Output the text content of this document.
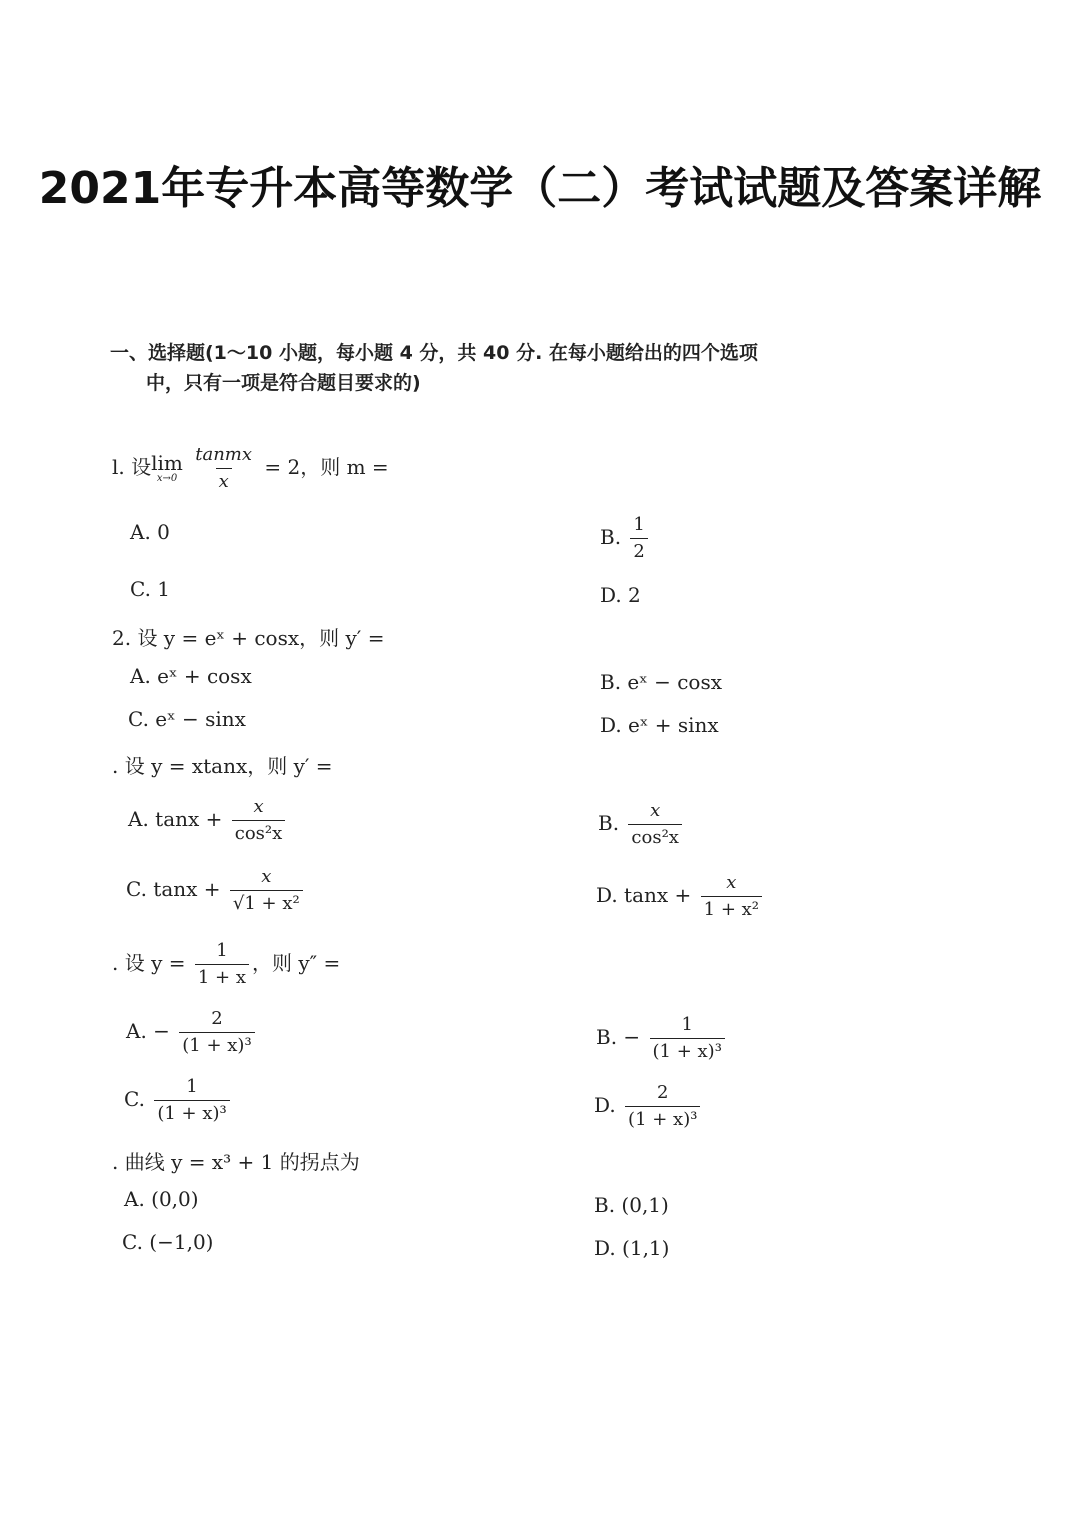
2021年专升本高等数学（二）考试试题及答案详解
一、选择题(1～10 小题，每小题 4 分，共 40 分. 在每小题给出的四个选项
中，只有一项是符合题目要求的)
l. 设 lim
x→0
$\frac{\text{tanmx}}{x} = 2$，则 m =
A. 0	B. $\frac{1}{2}$
C. 1	D. 2
2. 设 y = eˣ + cosx，则 y′ =
A. eˣ + cosx	B. eˣ − cosx
C. eˣ − sinx	D. eˣ + sinx
. 设 y = xtanx，则 y′ =
A. $\tan x + \frac{x}{\text{cos²x}}$	B. $\frac{x}{\text{cos²x}}$
C. $\tan x + \frac{x}{\text{√1 + x²}}$	D. $\tan x + \frac{x}{\text{1 + x²}}$
. 设 $y = \frac{1}{1 + x}$ ，则 y″ =
A. − $\frac{2}{\text{(1 + x)³}}$	B. − $\frac{1}{\text{(1 + x)³}}$
C. $\frac{1}{\text{(1 + x)³}}$	D. $\frac{2}{\text{(1 + x)³}}$
. 曲线 y = x³ + 1 的拐点为
A. (0,0)	B. (0,1)
C. (−1,0)	D. (1,1)
